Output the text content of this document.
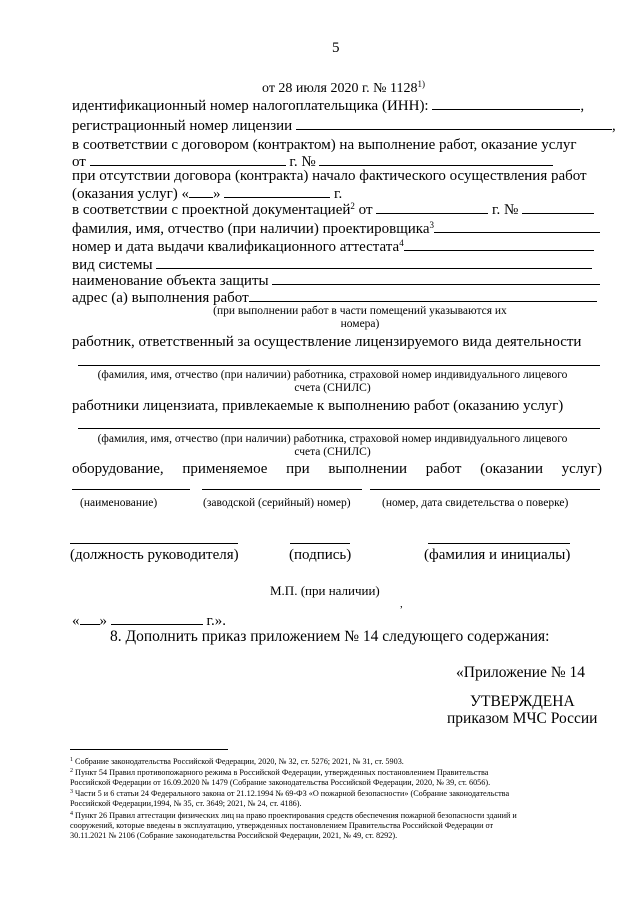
5
от 28 июля 2020 г. № 1128$^{1)}$
идентификационный номер налогоплательщика (ИНН):	,
регистрационный номер лицензии	,
в соответствии с договором (контрактом) на выполнение работ, оказание услуг
от	г. №
при отсутствии договора (контракта) начало фактического осуществления работ
(оказания услуг) « »	г.
в соответствии с проектной документацией$^2$ от	г. №
фамилия, имя, отчество (при наличии) проектировщика$^3$
номер и дата выдачи квалификационного аттестата$^4$
вид системы
наименование объекта защиты
адрес (а) выполнения работ
(при выполнении работ в части помещений указываются их
номера)
работник, ответственный за осуществление лицензируемого вида деятельности
(фамилия, имя, отчество (при наличии) работника, страховой номер индивидуального лицевого
счета (СНИЛС)
работники лицензиата, привлекаемые к выполнению работ (оказанию услуг)
(фамилия, имя, отчество (при наличии) работника, страховой номер индивидуального лицевого
счета (СНИЛС)
оборудование, применяемое при выполнении работ (оказании услуг)
(наименование)	(заводской (серийный) номер)	(номер, дата свидетельства о поверке)
(должность руководителя)	(подпись)	(фамилия и инициалы)
М.П. (при наличии)
,
« »	г.».
8. Дополнить приказ приложением № 14 следующего содержания:
«Приложение № 14
УТВЕРЖДЕНА
приказом МЧС России
$^1$ Собрание законодательства Российской Федерации, 2020, № 32, ст. 5276; 2021, № 31, ст. 5903.
$^2$ Пункт 54 Правил противопожарного режима в Российской Федерации, утвержденных постановлением Правительства
Российской Федерации от 16.09.2020 № 1479 (Собрание законодательства Российской Федерации, 2020, № 39, ст. 6056).
$^3$ Части 5 и 6 статьи 24 Федерального закона от 21.12.1994 № 69-ФЗ «О пожарной безопасности» (Собрание законодательства
Российской Федерации,1994, № 35, ст. 3649; 2021, № 24, ст. 4186).
$^4$ Пункт 26 Правил аттестации физических лиц на право проектирования средств обеспечения пожарной безопасности зданий и
сооружений, которые введены в эксплуатацию, утвержденных постановлением Правительства Российской Федерации от
30.11.2021 № 2106 (Собрание законодательства Российской Федерации, 2021, № 49, ст. 8292).
